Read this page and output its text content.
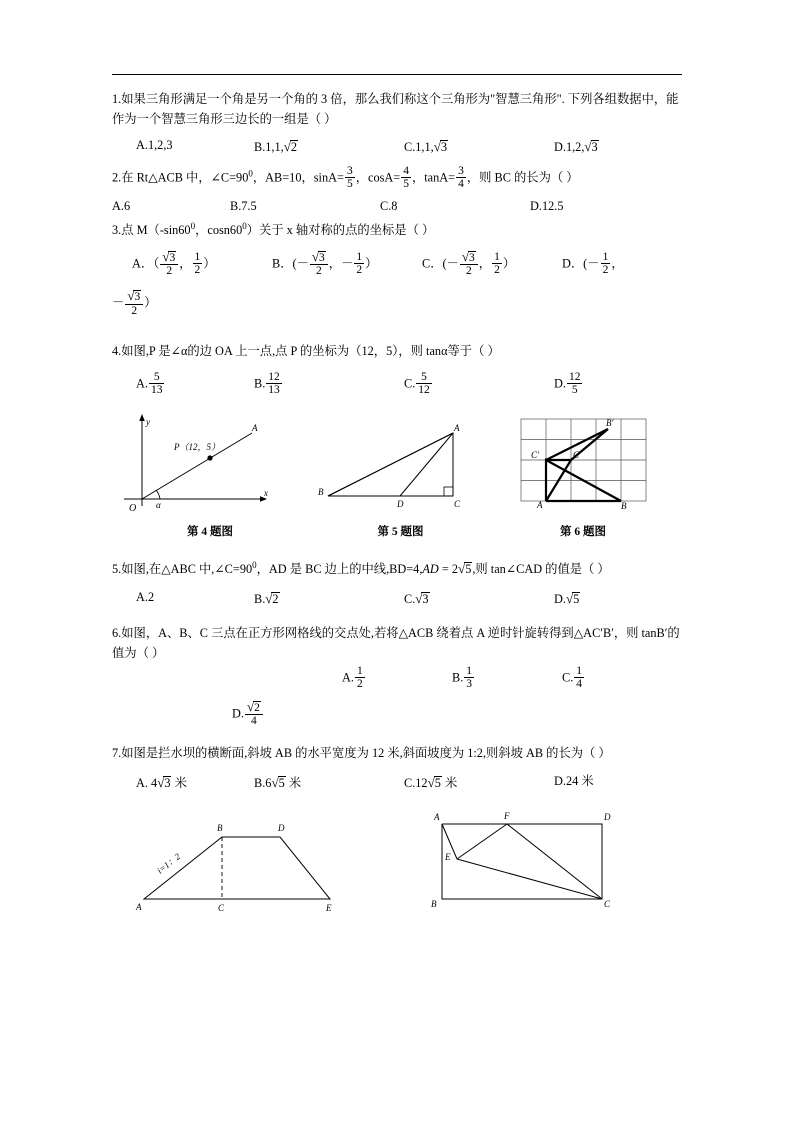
1.如果三角形满足一个角是另一个角的 3 倍，那么我们称这个三角形为"智慧三角形". 下列各组数据中，能作为一个智慧三角形三边长的一组是（ ）
A.1,2,3	B.1,1,√2	C.1,1,√3	D.1,2,√3
2.在 Rt△ACB 中，$\angle C=90^0$，AB=10，$\sin A= \frac{3}{5}$ ，$\cos A= \frac{4}{5}$ ，$\tan A= \frac{3}{4}$ ，则 BC 的长为（ ）
A.6	B.7.5	C.8	D.12.5
3.点 $M(-\sin 60^0$，$\cos n60^0$）关于 x 轴对称的点的坐标是（ ）
A．（ $\frac{√3}{2}$ ， $\frac{1}{2}$ ）	B．(－ $\frac{√3}{2}$ ，－ $\frac{1}{2}$ ）	C．(－ $\frac{√3}{2}$ ， $\frac{1}{2}$ ）	D．(－ $\frac{1}{2}$ ，
－ $\frac{√3}{2}$ ）
4.如图,P 是∠α的边 OA 上一点,点 P 的坐标为（12，5），则 tanα等于（ ）
A. $\frac{5}{13}$	B. $\frac{12}{13}$	C. $\frac{5}{12}$	D. $\frac{12}{5}$
y
x
O
P（12，5）
A
α
第 4 题图
B
D	C
A
第 5 题图
A	B
C
C′
B′
第 6 题图
5.如图,在△ABC 中$,\angle C=90^0$，AD 是 BC 边上的中线,BD=4,AD = 2√5,则 tan∠CAD 的值是（ ）
A.2	B.√2	C.√3	D.√5
6.如图，A、B、C 三点在正方形网格线的交点处,若将△ACB 绕着点 A 逆时针旋转得到△AC′B′，则 tanB′的值为（ ）
A. $\frac{1}{2}$	B. $\frac{1}{3}$	C. $\frac{1}{4}$
D. $\frac{√2}{4}$
7.如图是拦水坝的横断面,斜坡 AB 的水平宽度为 12 米,斜面坡度为 1:2,则斜坡 AB 的长为（ ）
A. 4√3 米	B.6√5 米	C.12√5 米	D.24 米
A
B	D
C	E
i=1：2
A	F	D
E
B	C
